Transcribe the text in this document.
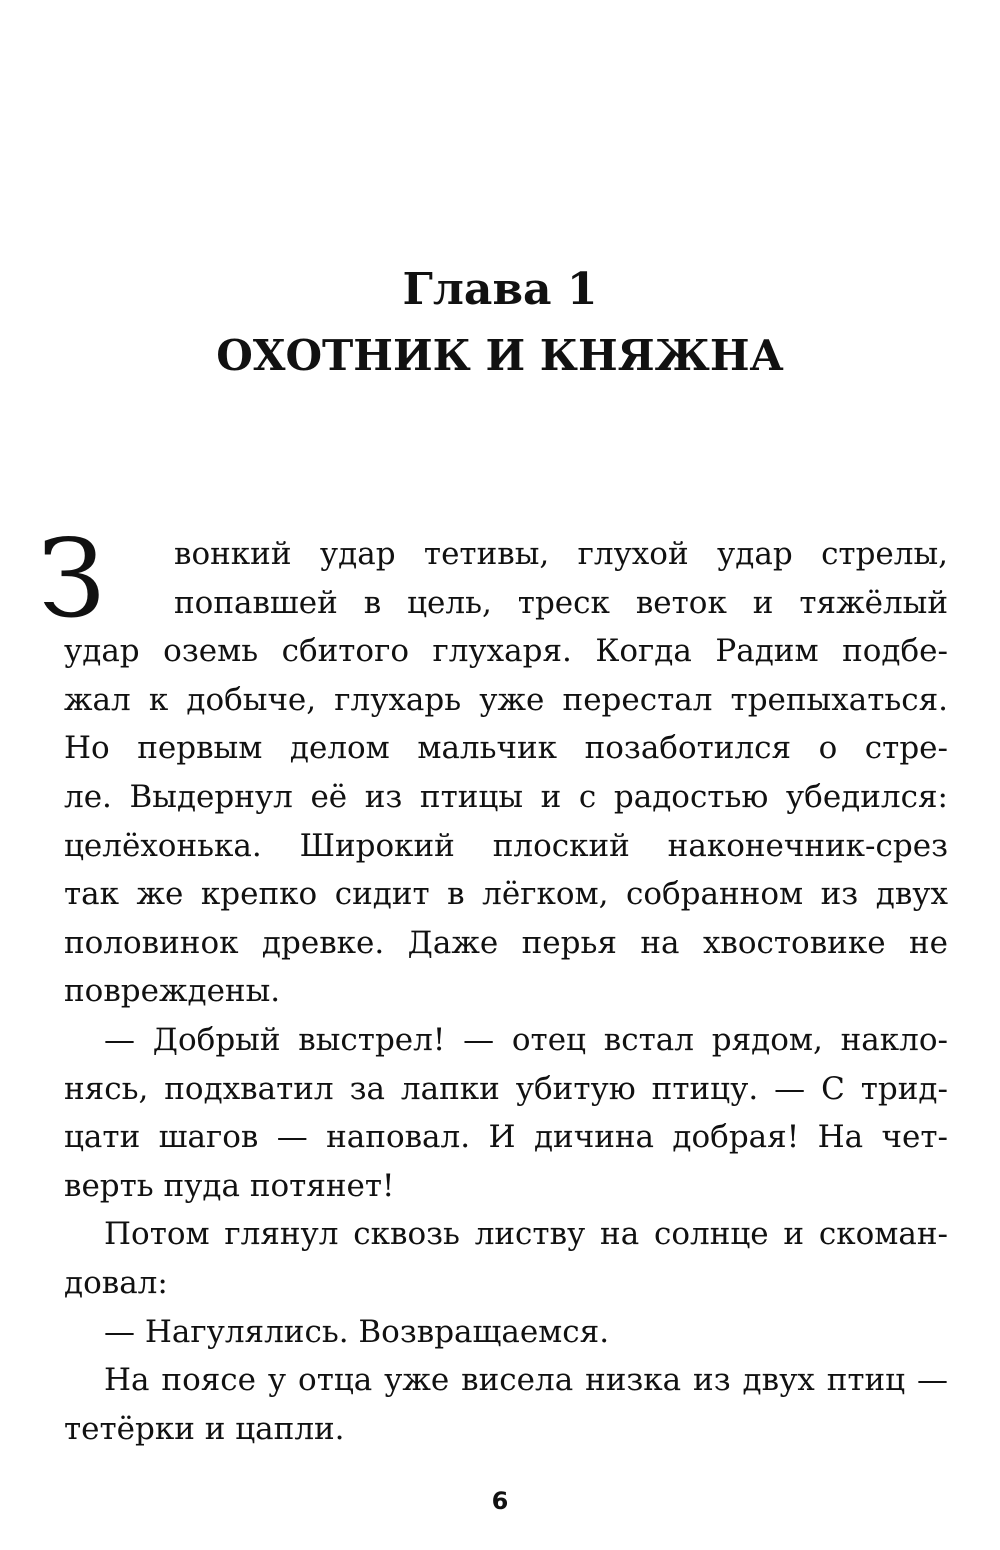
Глава 1
ОХОТНИК И КНЯЖНА
З	вонкий удар тетивы, глухой удар стрелы,
попавшей в цель, треск веток и тяжёлый
удар оземь сбитого глухаря. Когда Радим подбе-
жал к добыче, глухарь уже перестал трепыхаться.
Но первым делом мальчик позаботился о стре-
ле. Выдернул её из птицы и с радостью убедился:
целёхонька. Широкий плоский наконечник-срез
так же крепко сидит в лёгком, собранном из двух
половинок древке. Даже перья на хвостовике не
повреждены.
— Добрый выстрел! — отец встал рядом, накло-
нясь, подхватил за лапки убитую птицу. — С трид-
цати шагов — наповал. И дичина добрая! На чет-
верть пуда потянет!
Потом глянул сквозь листву на солнце и скоман-
довал:
— Нагулялись. Возвращаемся.
На поясе у отца уже висела низка из двух птиц —
тетёрки и цапли.
6
